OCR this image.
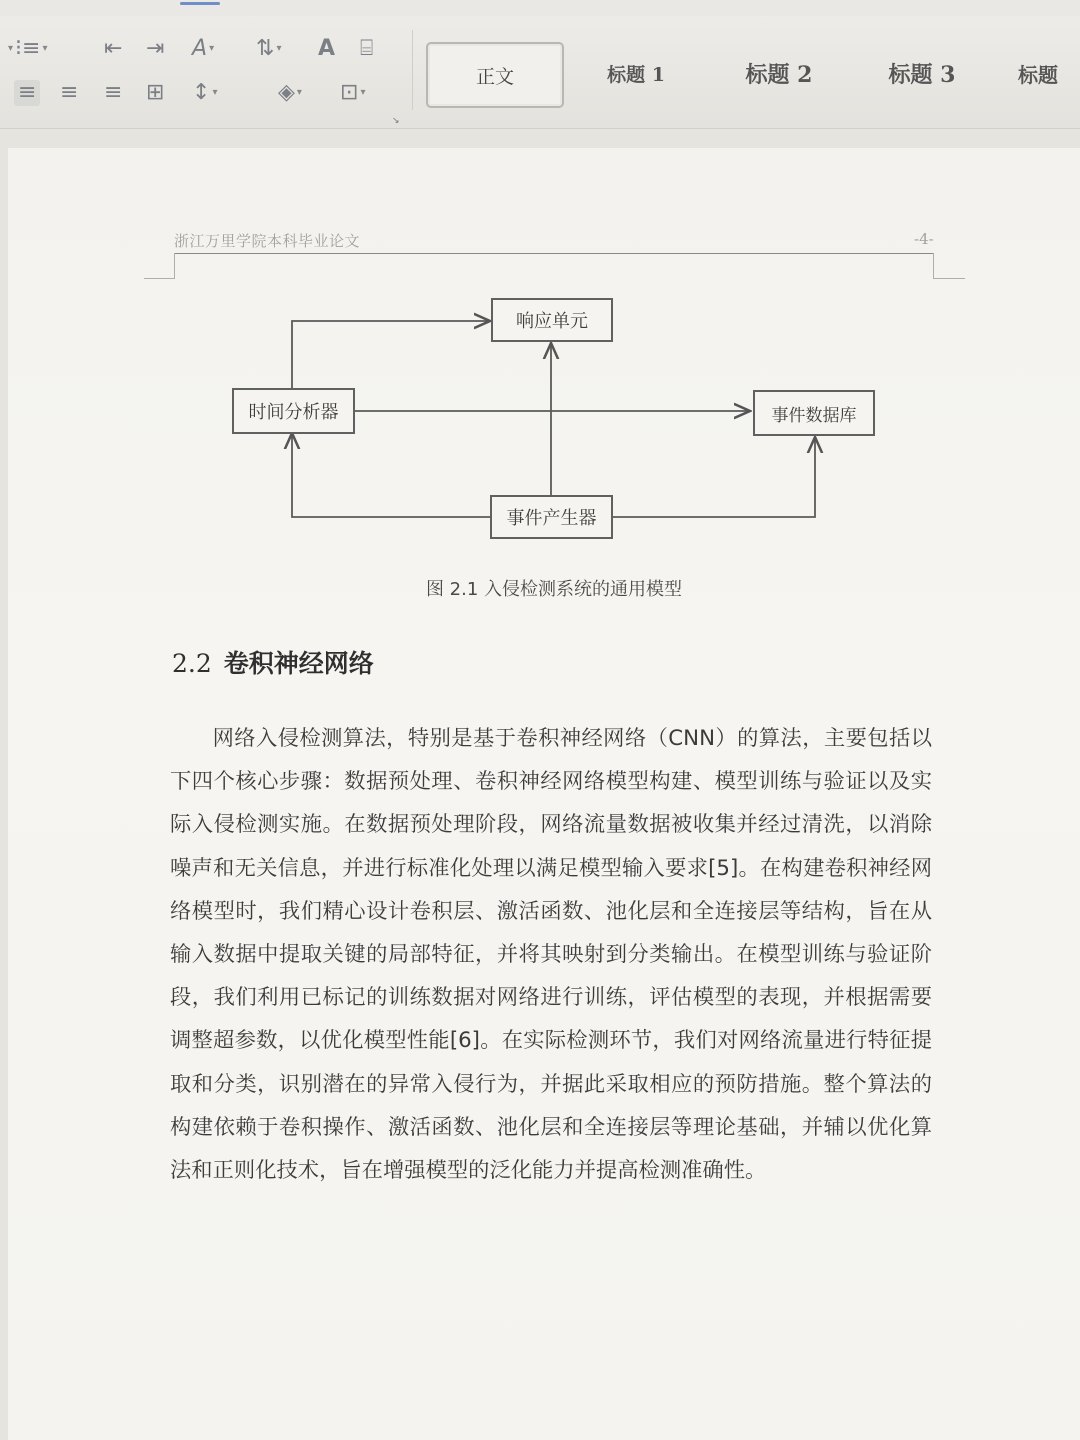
▾ ⁝≡ ▾	⇤ ⇥ A ▾ ⇅ ▾ A ⌸
≡ ≡ ≡ ⊞ ↕ ▾	◈ ▾ ⊡ ▾
↘
正文	标题 1	标题 2	标题 3	标题
浙江万里学院本科毕业论文	-4-
响应单元
时间分析器	事件数据库
事件产生器
图 2.1 入侵检测系统的通用模型
2.2 卷积神经网络

网络入侵检测算法，特别是基于卷积神经网络（CNN）的算法，主要包括以下四个核心步骤：数据预处理、卷积神经网络模型构建、模型训练与验证以及实际入侵检测实施。在数据预处理阶段，网络流量数据被收集并经过清洗，以消除噪声和无关信息，并进行标准化处理以满足模型输入要求[5]。在构建卷积神经网络模型时，我们精心设计卷积层、激活函数、池化层和全连接层等结构，旨在从输入数据中提取关键的局部特征，并将其映射到分类输出。在模型训练与验证阶段，我们利用已标记的训练数据对网络进行训练，评估模型的表现，并根据需要调整超参数，以优化模型性能[6]。在实际检测环节，我们对网络流量进行特征提取和分类，识别潜在的异常入侵行为，并据此采取相应的预防措施。整个算法的构建依赖于卷积操作、激活函数、池化层和全连接层等理论基础，并辅以优化算法和正则化技术，旨在增强模型的泛化能力并提高检测准确性。
